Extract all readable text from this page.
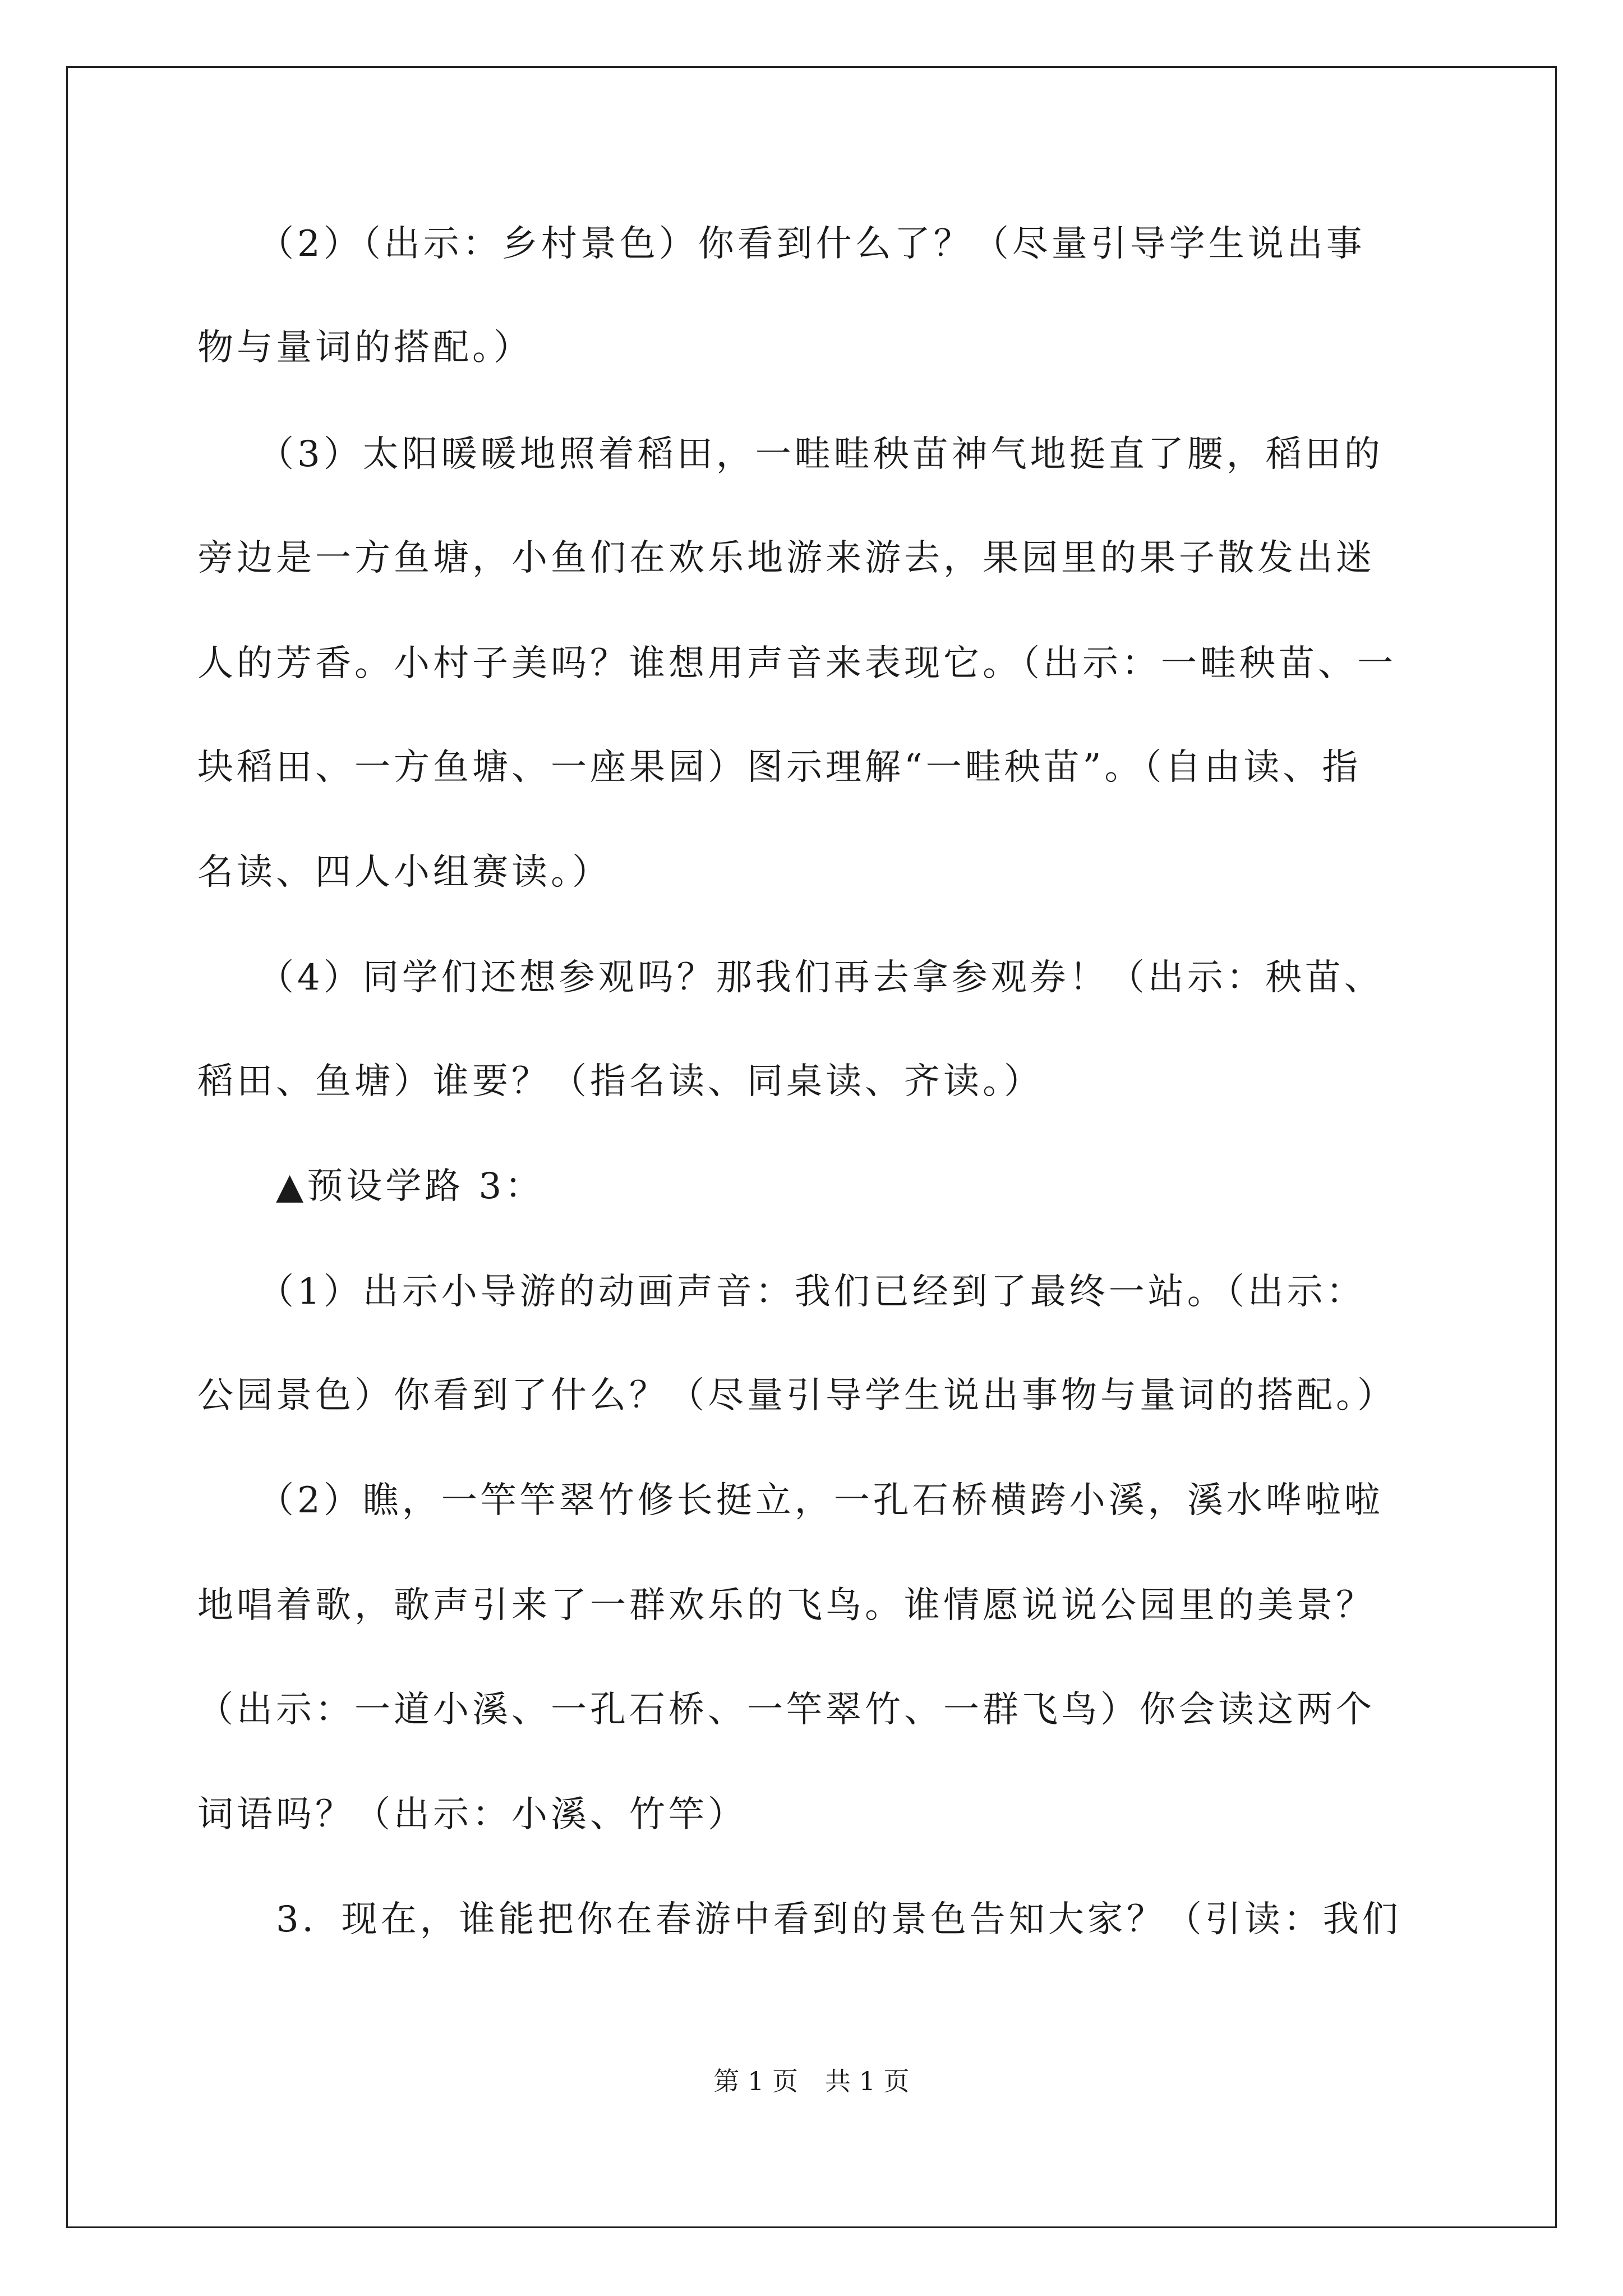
　　（2）（出示：乡村景色）你看到什么了？（尽量引导学生说出事
物与量词的搭配。）
　　（3）太阳暖暖地照着稻田，一畦畦秧苗神气地挺直了腰，稻田的
旁边是一方鱼塘，小鱼们在欢乐地游来游去，果园里的果子散发出迷
人的芳香。小村子美吗？谁想用声音来表现它。（出示：一畦秧苗、一
块稻田、一方鱼塘、一座果园）图示理解“一畦秧苗”。（自由读、指
名读、四人小组赛读。）
　　（4）同学们还想参观吗？那我们再去拿参观券！（出示：秧苗、
稻田、鱼塘）谁要？（指名读、同桌读、齐读。）
　　▲预设学路 3：
　　（1）出示小导游的动画声音：我们已经到了最终一站。（出示：
公园景色）你看到了什么？（尽量引导学生说出事物与量词的搭配。）
　　（2）瞧，一竿竿翠竹修长挺立，一孔石桥横跨小溪，溪水哗啦啦
地唱着歌，歌声引来了一群欢乐的飞鸟。谁情愿说说公园里的美景？
（出示：一道小溪、一孔石桥、一竿翠竹、一群飞鸟）你会读这两个
词语吗？（出示：小溪、竹竿）
　　3．现在，谁能把你在春游中看到的景色告知大家？（引读：我们
第 1 页 共 1 页
